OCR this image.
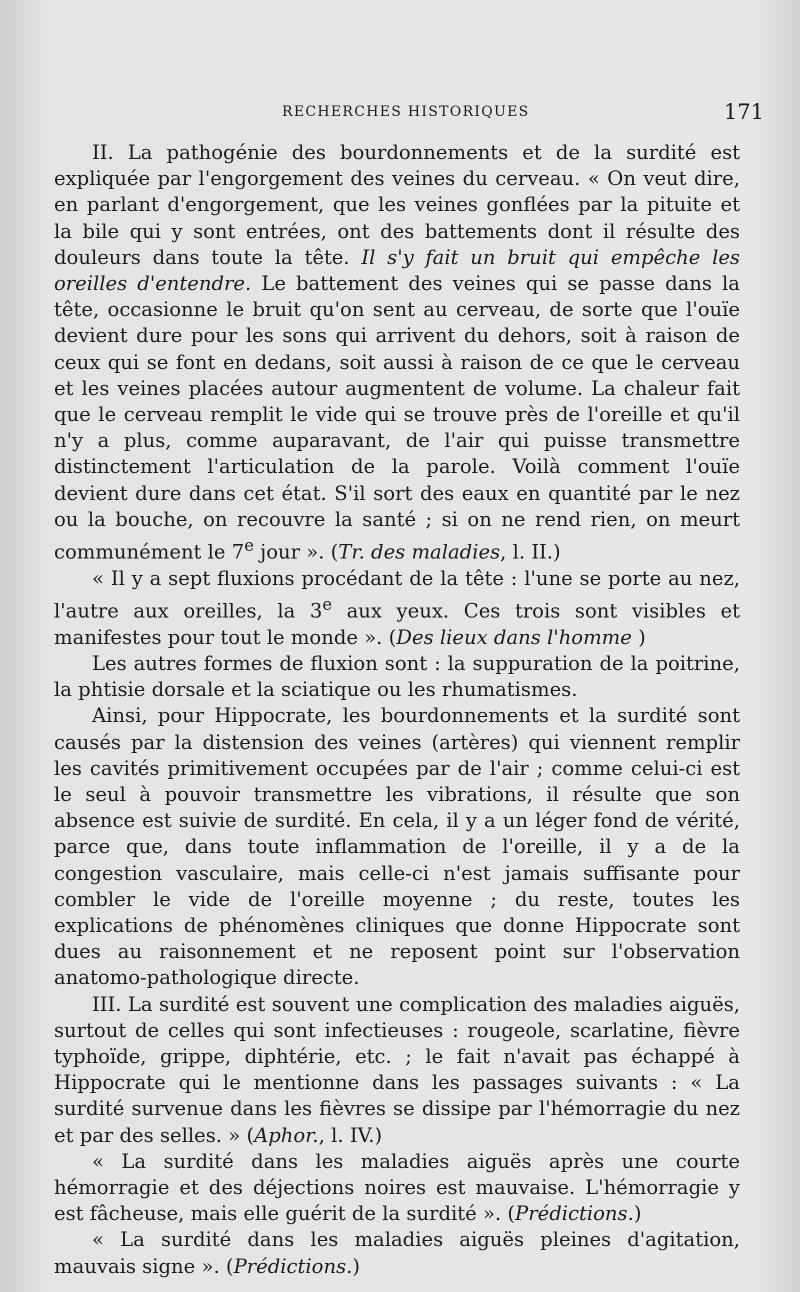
RECHERCHES HISTORIQUES	171

II. La pathogénie des bourdonnements et de la surdité est expliquée par l'engorgement des veines du cerveau. « On veut dire, en parlant d'engorgement, que les veines gonflées par la pituite et la bile qui y sont entrées, ont des battements dont il résulte des douleurs dans toute la tête. Il s'y fait un bruit qui empêche les oreilles d'entendre. Le battement des veines qui se passe dans la tête, occasionne le bruit qu'on sent au cerveau, de sorte que l'ouïe devient dure pour les sons qui arrivent du dehors, soit à raison de ceux qui se font en dedans, soit aussi à raison de ce que le cerveau et les veines placées autour augmentent de volume. La chaleur fait que le cerveau remplit le vide qui se trouve près de l'oreille et qu'il n'y a plus, comme auparavant, de l'air qui puisse transmettre distinctement l'articulation de la parole. Voilà comment l'ouïe devient dure dans cet état. S'il sort des eaux en quantité par le nez ou la bouche, on recouvre la santé ; si on ne rend rien, on meurt communément le 7e jour ». (Tr. des maladies, l. II.)

« Il y a sept fluxions procédant de la tête : l'une se porte au nez, l'autre aux oreilles, la 3e aux yeux. Ces trois sont visibles et manifestes pour tout le monde ». (Des lieux dans l'homme )

Les autres formes de fluxion sont : la suppuration de la poitrine, la phtisie dorsale et la sciatique ou les rhumatismes.

Ainsi, pour Hippocrate, les bourdonnements et la surdité sont causés par la distension des veines (artères) qui viennent remplir les cavités primitivement occupées par de l'air ; comme celui-ci est le seul à pouvoir transmettre les vibrations, il résulte que son absence est suivie de surdité. En cela, il y a un léger fond de vérité, parce que, dans toute inflammation de l'oreille, il y a de la congestion vasculaire, mais celle-ci n'est jamais suffisante pour combler le vide de l'oreille moyenne ; du reste, toutes les explications de phénomènes cliniques que donne Hippocrate sont dues au raisonnement et ne reposent point sur l'observation anatomo-pathologique directe.

III. La surdité est souvent une complication des maladies aiguës, surtout de celles qui sont infectieuses : rougeole, scarlatine, fièvre typhoïde, grippe, diphtérie, etc. ; le fait n'avait pas échappé à Hippocrate qui le mentionne dans les passages suivants : « La surdité survenue dans les fièvres se dissipe par l'hémorragie du nez et par des selles. » (Aphor., l. IV.)

« La surdité dans les maladies aiguës après une courte hémorragie et des déjections noires est mauvaise. L'hémorragie y est fâcheuse, mais elle guérit de la surdité ». (Prédictions.)

« La surdité dans les maladies aiguës pleines d'agitation, mauvais signe ». (Prédictions.)
